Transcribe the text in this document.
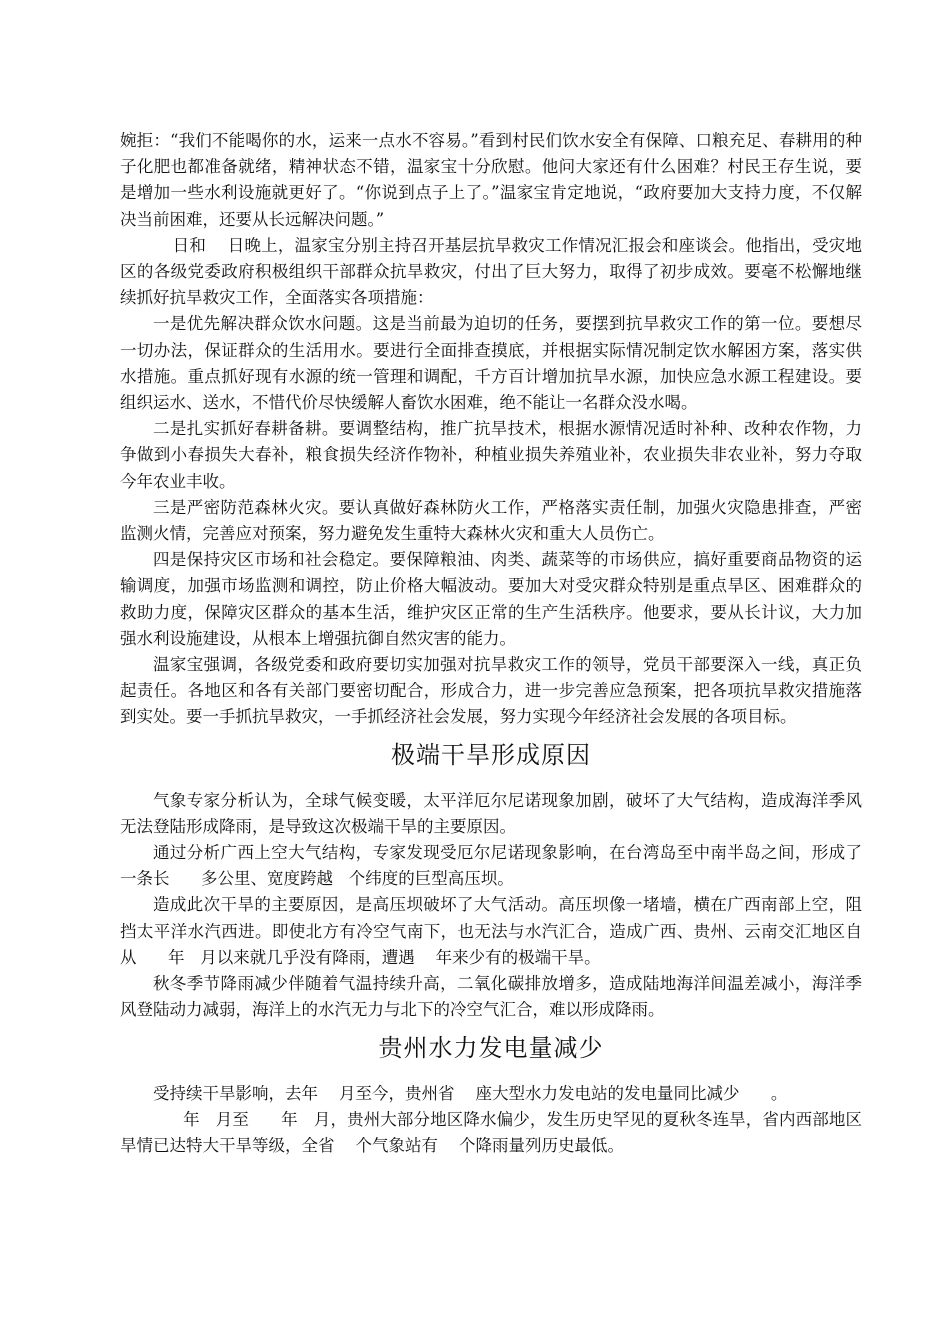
婉拒：“我们不能喝你的水，运来一点水不容易。”看到村民们饮水安全有保障、口粮充足、春耕用的种子化肥也都准备就绪，精神状态不错，温家宝十分欣慰。他问大家还有什么困难？村民王存生说，要是增加一些水利设施就更好了。“你说到点子上了。”温家宝肯定地说，“政府要加大支持力度，不仅解决当前困难，还要从长远解决问题。”

日和    日晚上，温家宝分别主持召开基层抗旱救灾工作情况汇报会和座谈会。他指出，受灾地区的各级党委政府积极组织干部群众抗旱救灾，付出了巨大努力，取得了初步成效。要毫不松懈地继续抓好抗旱救灾工作，全面落实各项措施：

一是优先解决群众饮水问题。这是当前最为迫切的任务，要摆到抗旱救灾工作的第一位。要想尽一切办法，保证群众的生活用水。要进行全面排查摸底，并根据实际情况制定饮水解困方案，落实供水措施。重点抓好现有水源的统一管理和调配，千方百计增加抗旱水源，加快应急水源工程建设。要组织运水、送水，不惜代价尽快缓解人畜饮水困难，绝不能让一名群众没水喝。

二是扎实抓好春耕备耕。要调整结构，推广抗旱技术，根据水源情况适时补种、改种农作物，力争做到小春损失大春补，粮食损失经济作物补，种植业损失养殖业补，农业损失非农业补，努力夺取今年农业丰收。

三是严密防范森林火灾。要认真做好森林防火工作，严格落实责任制，加强火灾隐患排查，严密监测火情，完善应对预案，努力避免发生重特大森林火灾和重大人员伤亡。

四是保持灾区市场和社会稳定。要保障粮油、肉类、蔬菜等的市场供应，搞好重要商品物资的运输调度，加强市场监测和调控，防止价格大幅波动。要加大对受灾群众特别是重点旱区、困难群众的救助力度，保障灾区群众的基本生活，维护灾区正常的生产生活秩序。他要求，要从长计议，大力加强水利设施建设，从根本上增强抗御自然灾害的能力。

温家宝强调，各级党委和政府要切实加强对抗旱救灾工作的领导，党员干部要深入一线，真正负起责任。各地区和各有关部门要密切配合，形成合力，进一步完善应急预案，把各项抗旱救灾措施落到实处。要一手抓抗旱救灾，一手抓经济社会发展，努力实现今年经济社会发展的各项目标。

极端干旱形成原因

气象专家分析认为，全球气候变暖，太平洋厄尔尼诺现象加剧，破坏了大气结构，造成海洋季风无法登陆形成降雨，是导致这次极端干旱的主要原因。

通过分析广西上空大气结构，专家发现受厄尔尼诺现象影响，在台湾岛至中南半岛之间，形成了一条长      多公里、宽度跨越   个纬度的巨型高压坝。

造成此次干旱的主要原因，是高压坝破坏了大气活动。高压坝像一堵墙，横在广西南部上空，阻挡太平洋水汽西进。即使北方有冷空气南下，也无法与水汽汇合，造成广西、贵州、云南交汇地区自从      年   月以来就几乎没有降雨，遭遇    年来少有的极端干旱。

秋冬季节降雨减少伴随着气温持续升高，二氧化碳排放增多，造成陆地海洋间温差减小，海洋季风登陆动力减弱，海洋上的水汽无力与北下的冷空气汇合，难以形成降雨。

贵州水力发电量减少

受持续干旱影响，去年    月至今，贵州省    座大型水力发电站的发电量同比减少      。

年   月至      年   月，贵州大部分地区降水偏少，发生历史罕见的夏秋冬连旱，省内西部地区旱情已达特大干旱等级，全省    个气象站有    个降雨量列历史最低。
